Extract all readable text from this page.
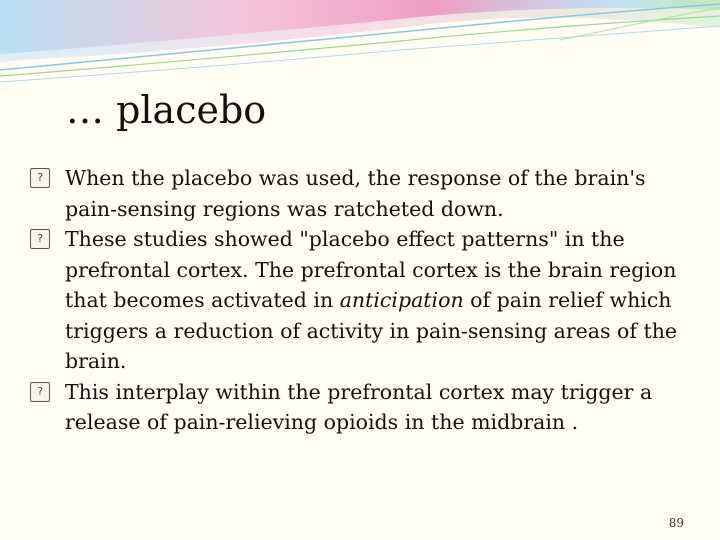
… placebo

?	When the placebo was used, the response of the brain's pain-sensing regions was ratcheted down.

?	These studies showed "placebo effect patterns" in the prefrontal cortex. The prefrontal cortex is the brain region that becomes activated in anticipation of pain relief which triggers a reduction of activity in pain-sensing areas of the brain.

?	This interplay within the prefrontal cortex may trigger a release of pain-relieving opioids in the midbrain .

89
